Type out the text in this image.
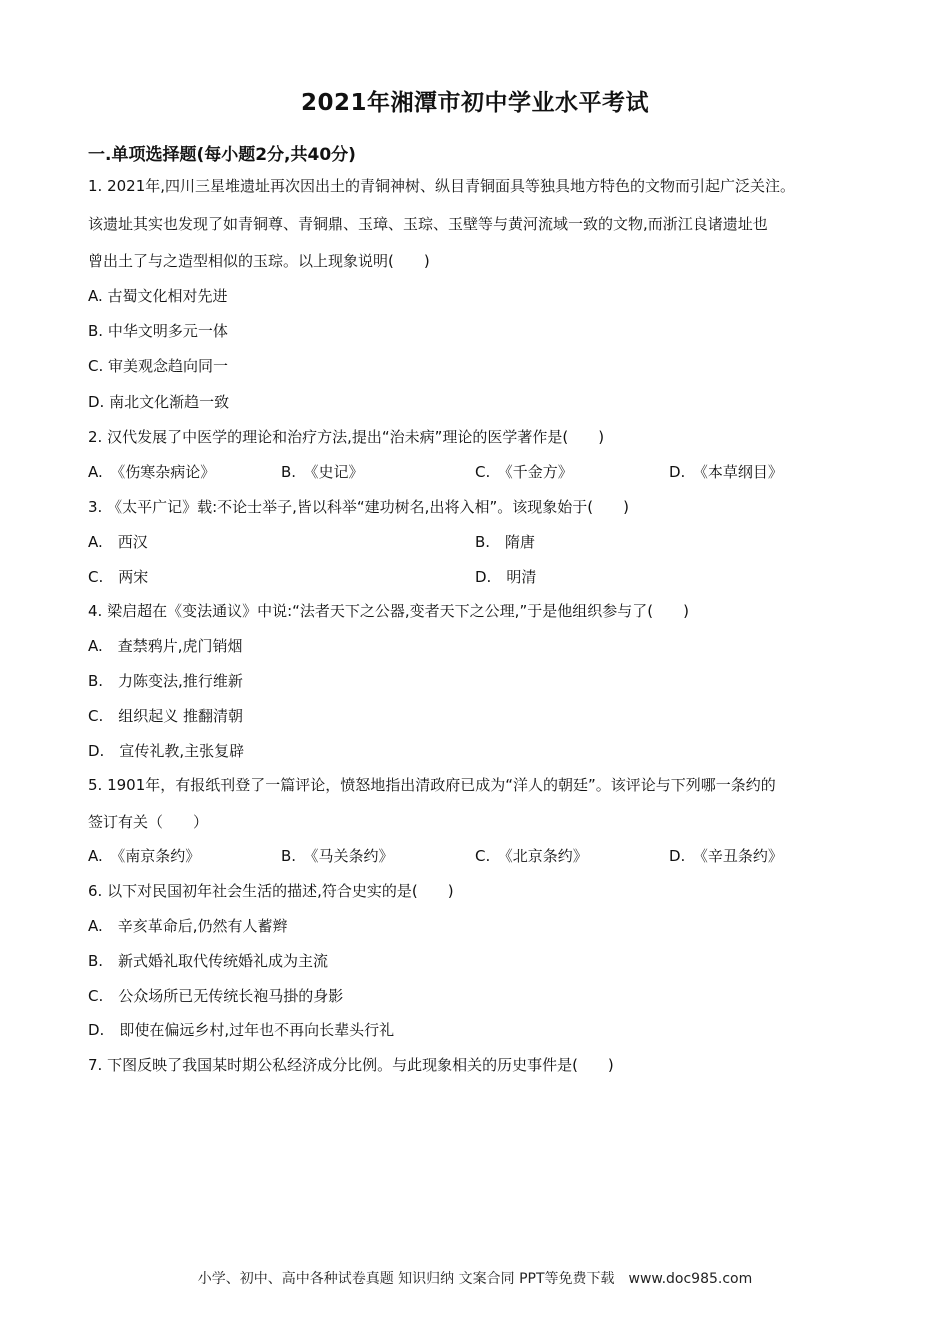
2021年湘潭市初中学业水平考试
一.单项选择题(每小题2分,共40分)
1. 2021年,四川三星堆遗址再次因出土的青铜神树、纵目青铜面具等独具地方特色的文物而引起广泛关注。
该遗址其实也发现了如青铜尊、青铜鼎、玉璋、玉琮、玉壁等与黄河流域一致的文物,而浙江良诸遗址也
曾出土了与之造型相似的玉琮。以上现象说明(　　)
A. 古蜀文化相对先进
B. 中华文明多元一体
C. 审美观念趋向同一
D. 南北文化渐趋一致
2. 汉代发展了中医学的理论和治疗方法,提出“治未病”理论的医学著作是(　　)
A.　《伤寒杂病论》	B.　《史记》	C.　《千金方》	D.　《本草纲目》
3. 《太平广记》载:不论士举子,皆以科举“建功树名,出将入相”。该现象始于(　　)
A.　西汉	B.　隋唐
C.　两宋	D.　明清
4. 梁启超在《变法通议》中说:“法者天下之公器,变者天下之公理,”于是他组织参与了(　　)
A.　查禁鸦片,虎门销烟
B.　力陈变法,推行维新
C.　组织起义 推翻清朝
D.　宣传礼教,主张复辟
5. 1901年，有报纸刊登了一篇评论，愤怒地指出清政府已成为“洋人的朝廷”。该评论与下列哪一条约的
签订有关（　　）
A.　《南京条约》	B.　《马关条约》	C.　《北京条约》	D.　《辛丑条约》
6. 以下对民国初年社会生活的描述,符合史实的是(　　)
A.　辛亥革命后,仍然有人蓄辫
B.　新式婚礼取代传统婚礼成为主流
C.　公众场所已无传统长袍马掛的身影
D.　即使在偏远乡村,过年也不再向长辈头行礼
7. 下图反映了我国某时期公私经济成分比例。与此现象相关的历史事件是(　　)
小学、初中、高中各种试卷真题 知识归纳 文案合同 PPT等免费下载　www.doc985.com
